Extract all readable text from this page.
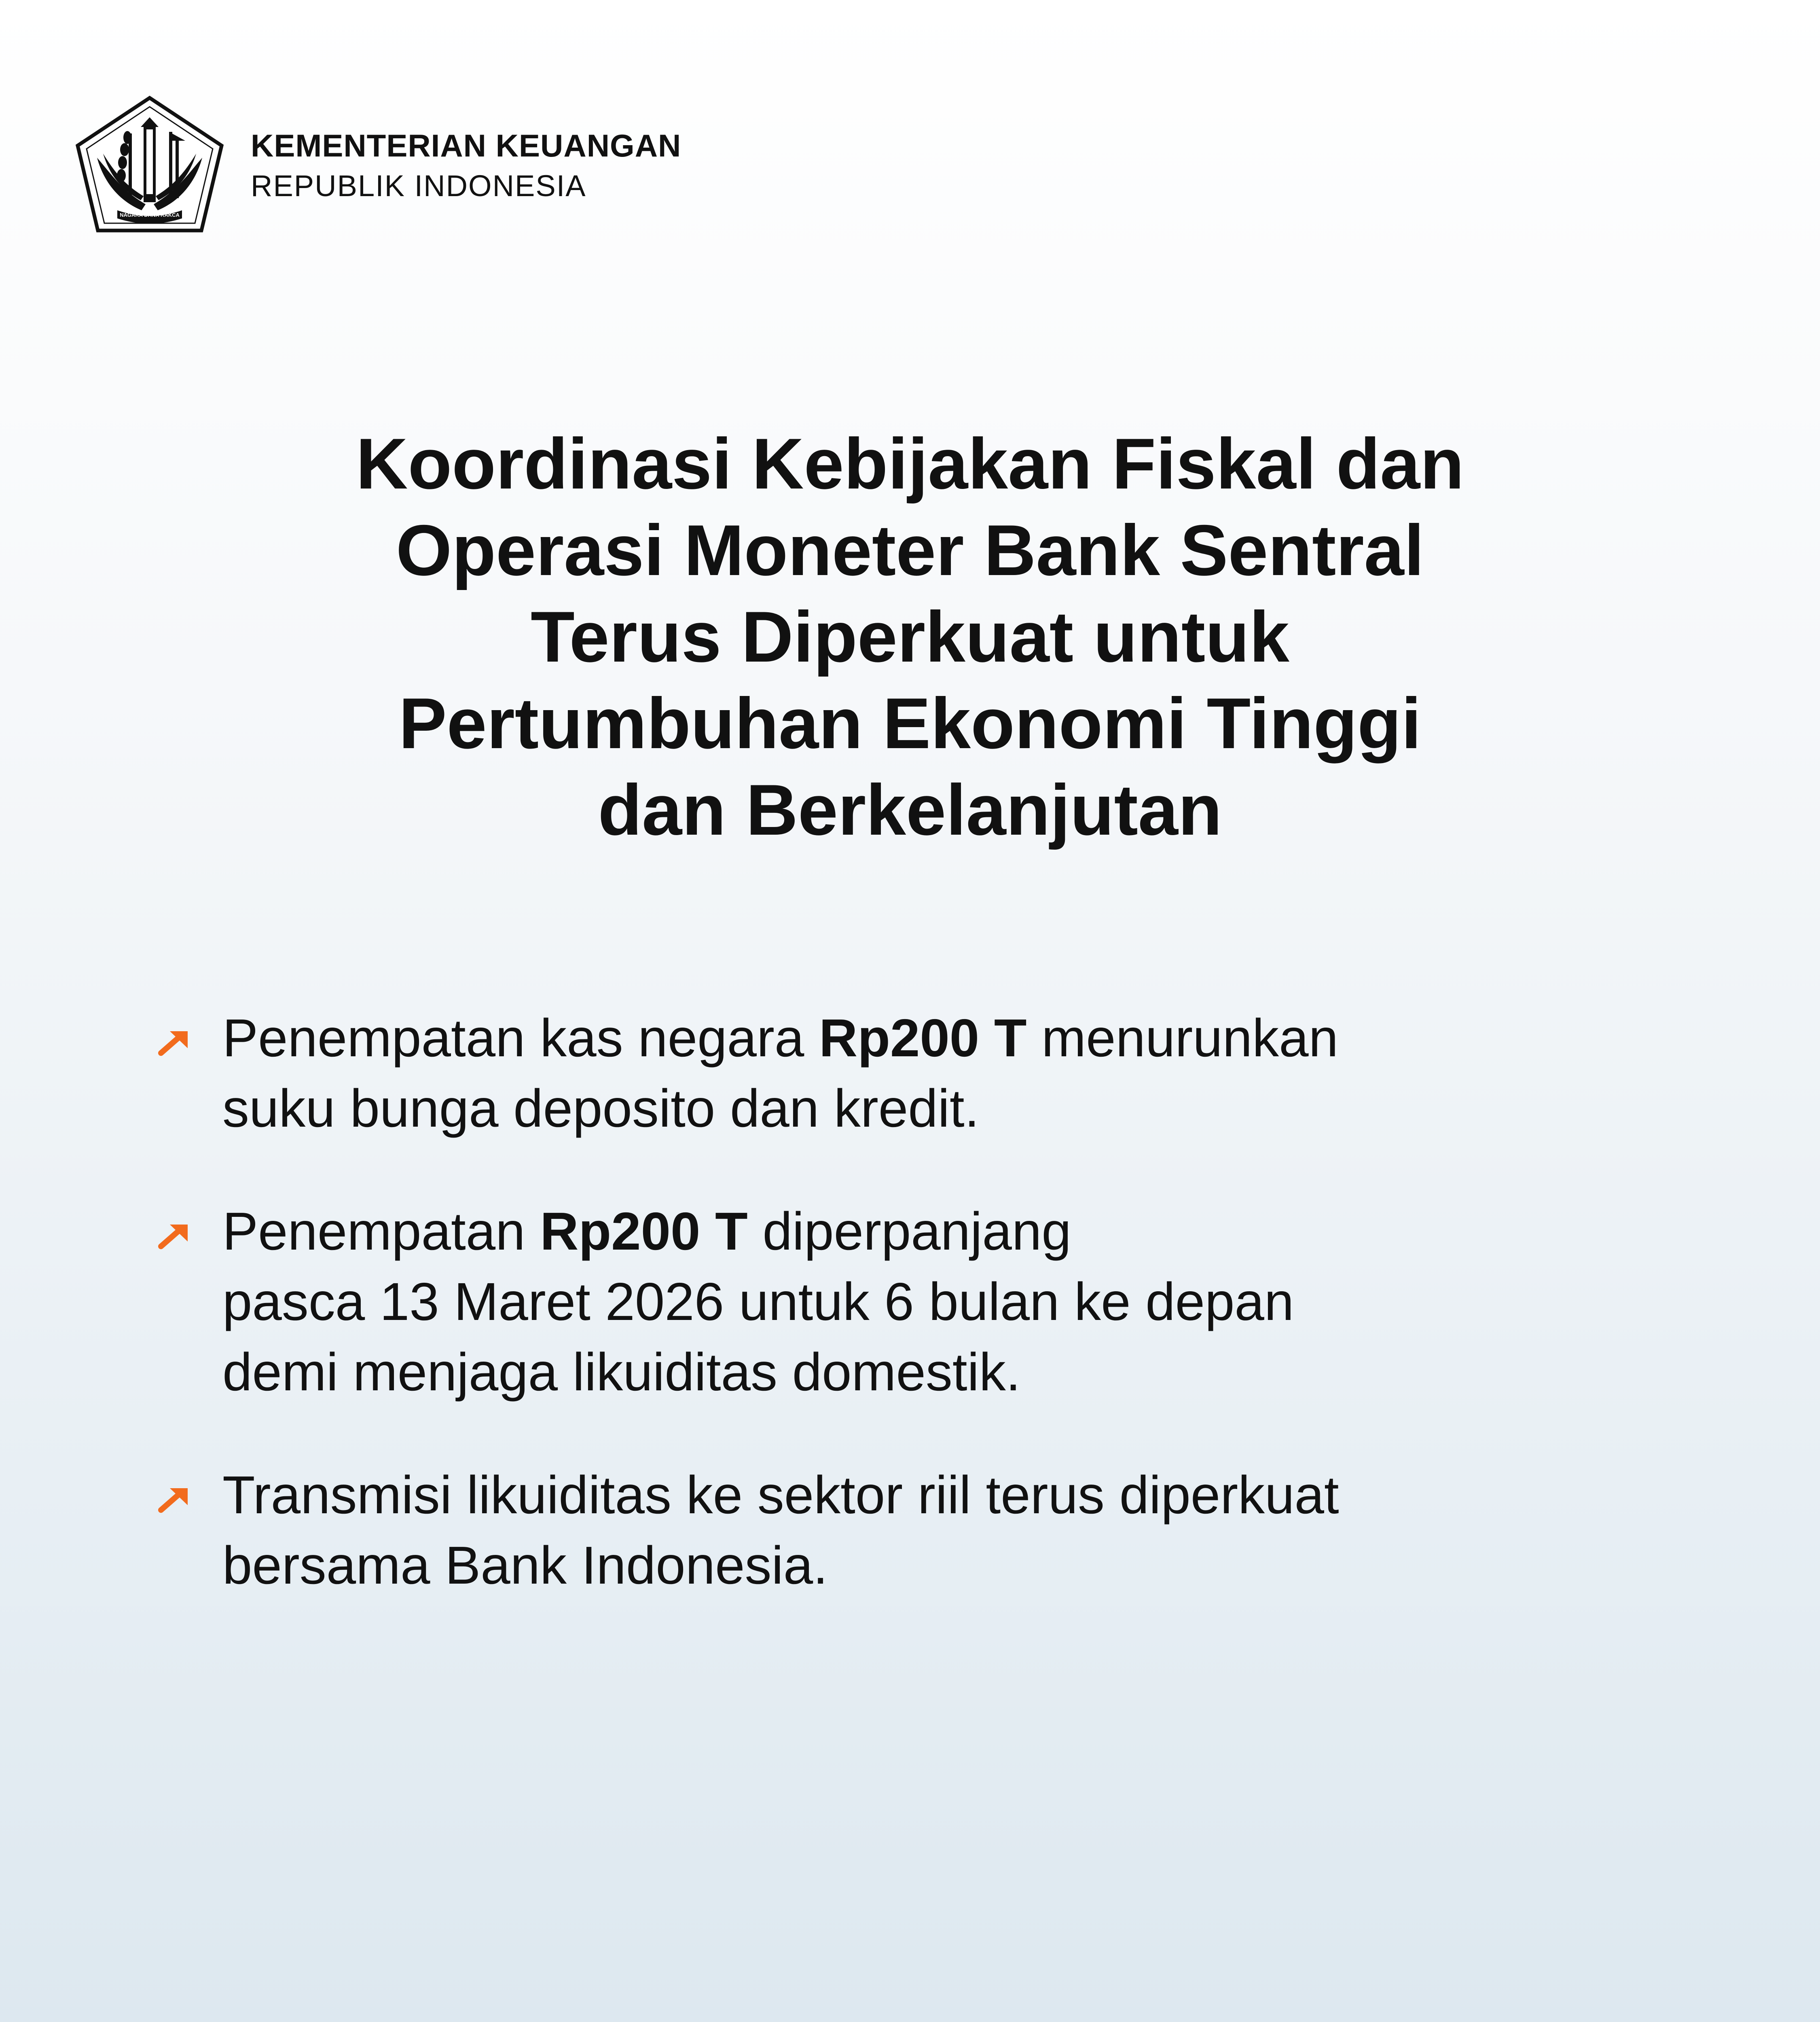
NAGARA DANA RAKCA
KEMENTERIAN KEUANGAN
REPUBLIK INDONESIA
Koordinasi Kebijakan Fiskal dan
Operasi Moneter Bank Sentral
Terus Diperkuat untuk
Pertumbuhan Ekonomi Tinggi
dan Berkelanjutan
Penempatan kas negara Rp200 T menurunkan
suku bunga deposito dan kredit.
Penempatan Rp200 T diperpanjang
pasca 13 Maret 2026 untuk 6 bulan ke depan
demi menjaga likuiditas domestik.
Transmisi likuiditas ke sektor riil terus diperkuat
bersama Bank Indonesia.
